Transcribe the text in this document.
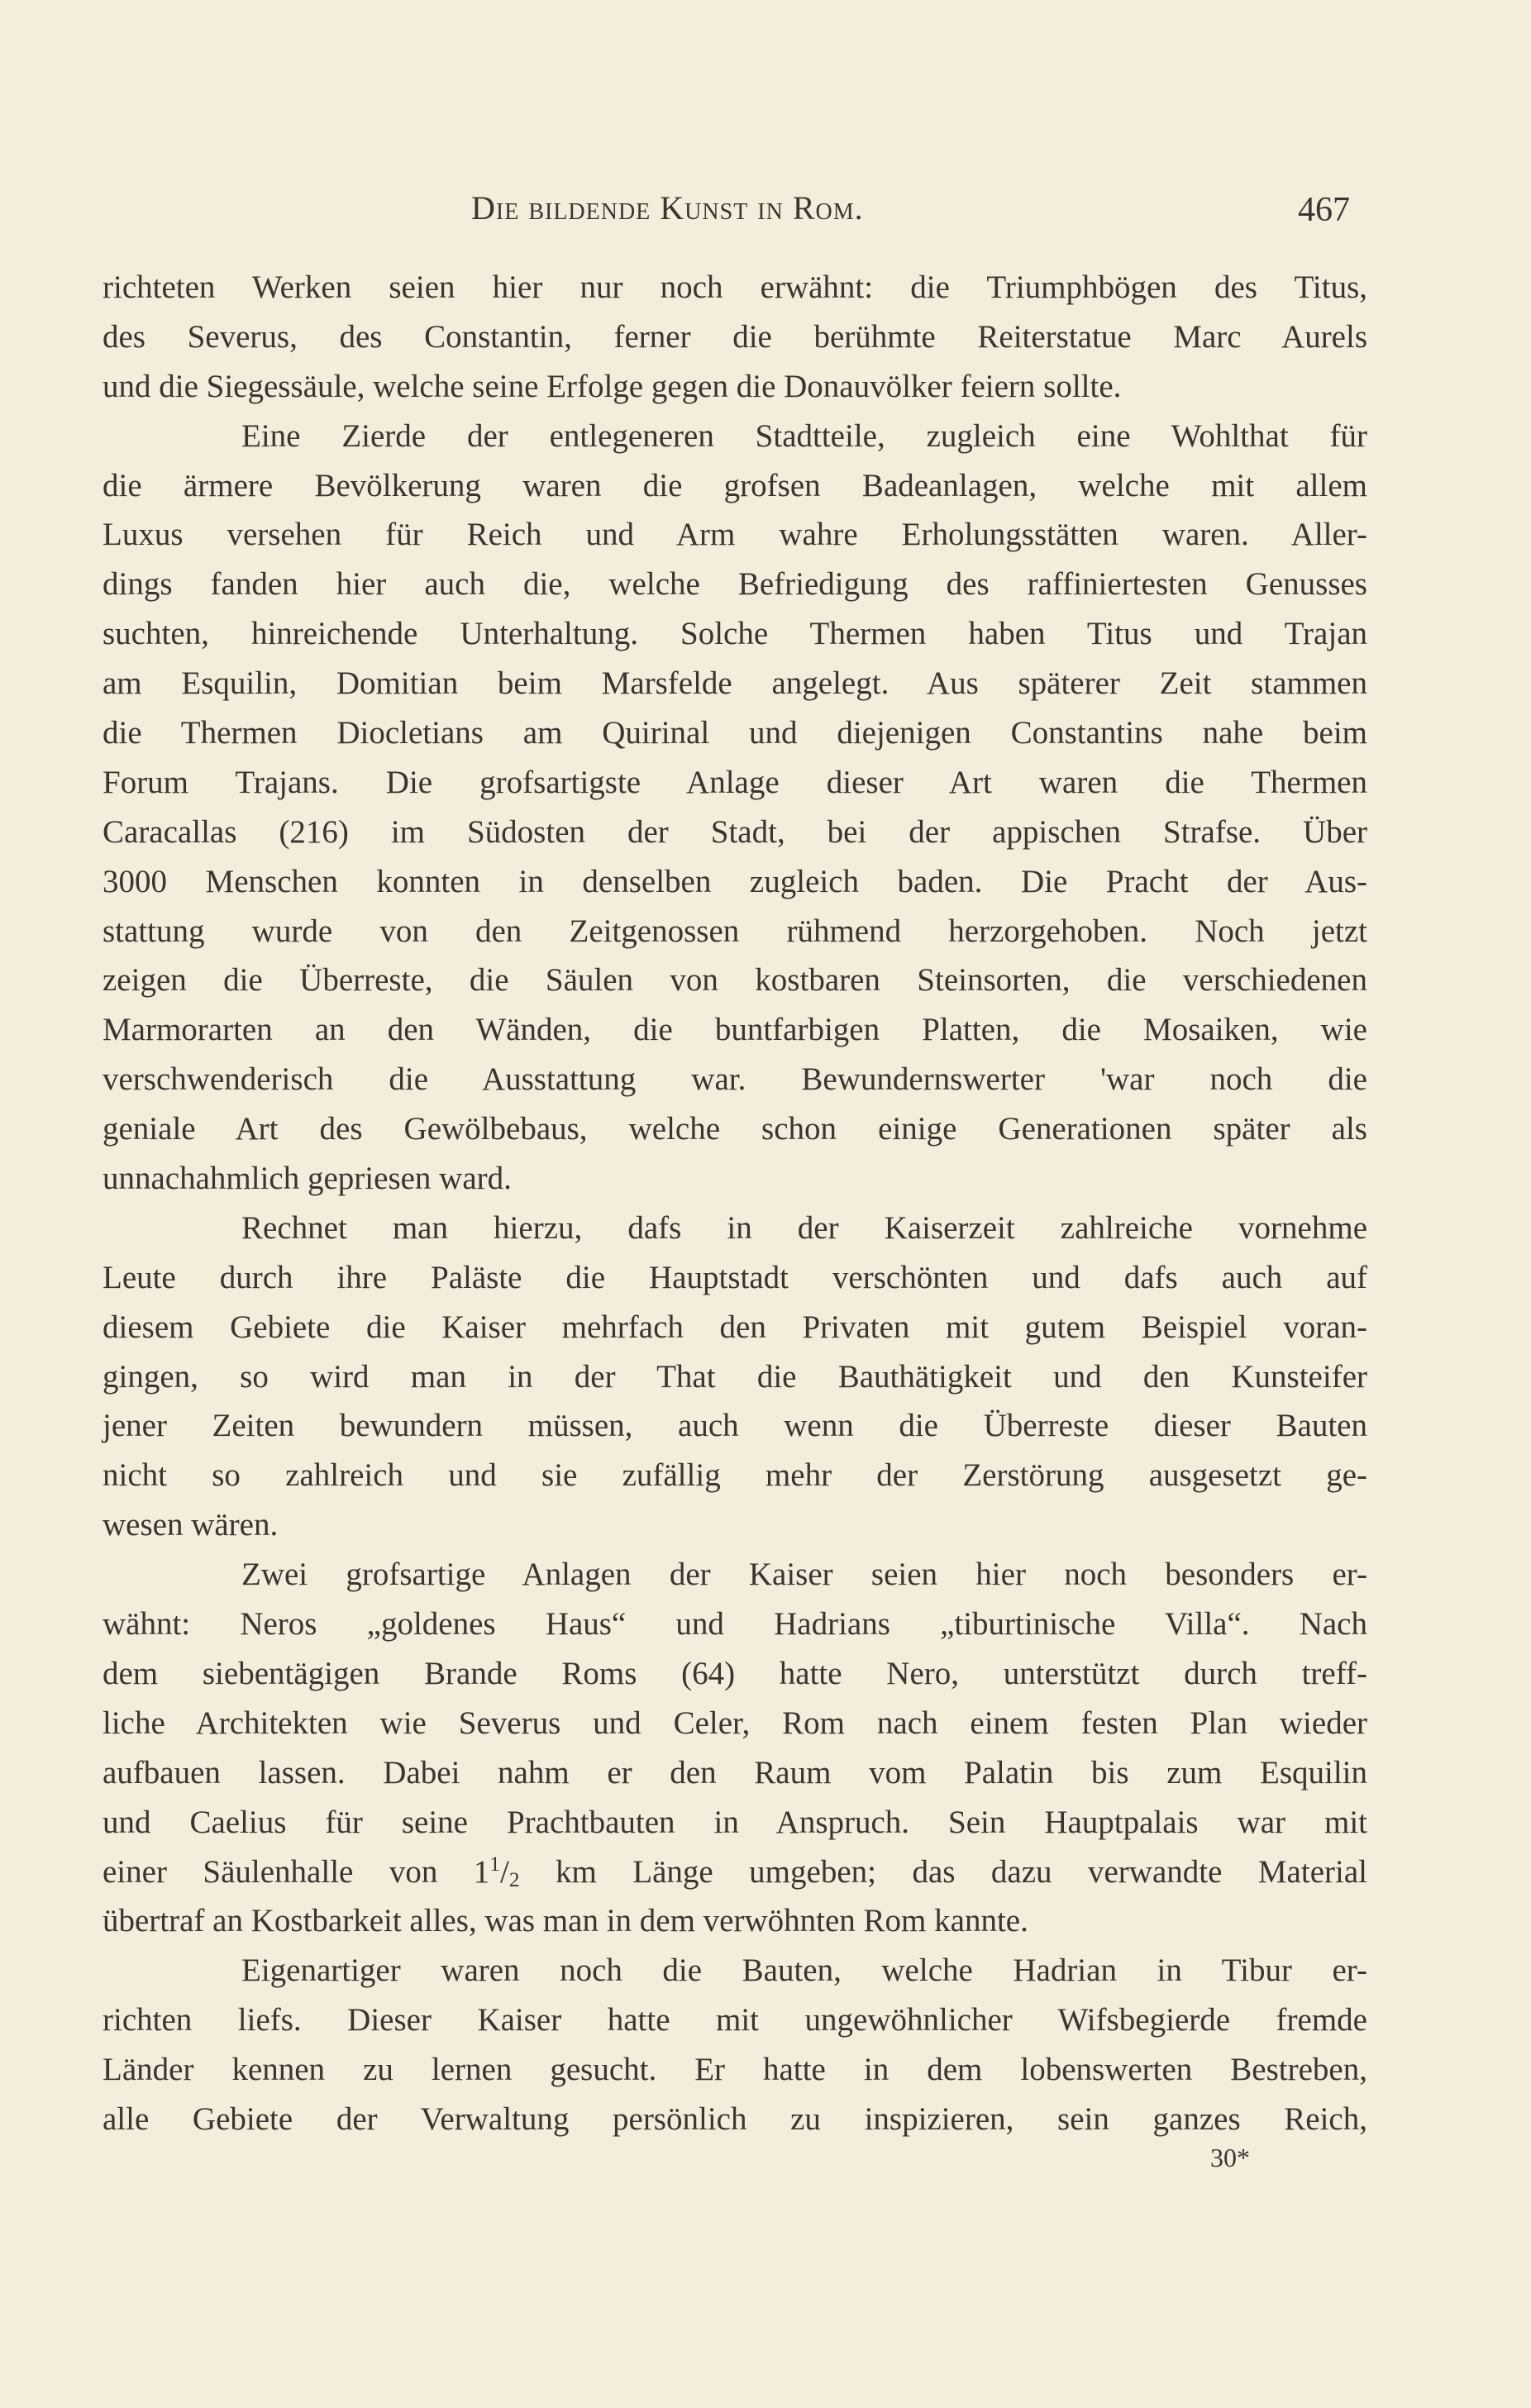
Die bildende Kunst in Rom.	467
richteten Werken seien hier nur noch erwähnt: die Triumphbögen des Titus,
des Severus, des Constantin, ferner die berühmte Reiterstatue Marc Aurels
und die Siegessäule, welche seine Erfolge gegen die Donauvölker feiern sollte.
Eine Zierde der entlegeneren Stadtteile, zugleich eine Wohlthat für
die ärmere Bevölkerung waren die grofsen Badeanlagen, welche mit allem
Luxus versehen für Reich und Arm wahre Erholungsstätten waren. Aller-
dings fanden hier auch die, welche Befriedigung des raffiniertesten Genusses
suchten, hinreichende Unterhaltung. Solche Thermen haben Titus und Trajan
am Esquilin, Domitian beim Marsfelde angelegt. Aus späterer Zeit stammen
die Thermen Diocletians am Quirinal und diejenigen Constantins nahe beim
Forum Trajans. Die grofsartigste Anlage dieser Art waren die Thermen
Caracallas (216) im Südosten der Stadt, bei der appischen Strafse. Über
3000 Menschen konnten in denselben zugleich baden. Die Pracht der Aus-
stattung wurde von den Zeitgenossen rühmend herzorgehoben. Noch jetzt
zeigen die Überreste, die Säulen von kostbaren Steinsorten, die verschiedenen
Marmorarten an den Wänden, die buntfarbigen Platten, die Mosaiken, wie
verschwenderisch die Ausstattung war. Bewundernswerter 'war noch die
geniale Art des Gewölbebaus, welche schon einige Generationen später als
unnachahmlich gepriesen ward.
Rechnet man hierzu, dafs in der Kaiserzeit zahlreiche vornehme
Leute durch ihre Paläste die Hauptstadt verschönten und dafs auch auf
diesem Gebiete die Kaiser mehrfach den Privaten mit gutem Beispiel voran-
gingen, so wird man in der That die Bauthätigkeit und den Kunsteifer
jener Zeiten bewundern müssen, auch wenn die Überreste dieser Bauten
nicht so zahlreich und sie zufällig mehr der Zerstörung ausgesetzt ge-
wesen wären.
Zwei grofsartige Anlagen der Kaiser seien hier noch besonders er-
wähnt: Neros „goldenes Haus“ und Hadrians „tiburtinische Villa“. Nach
dem siebentägigen Brande Roms (64) hatte Nero, unterstützt durch treff-
liche Architekten wie Severus und Celer, Rom nach einem festen Plan wieder
aufbauen lassen. Dabei nahm er den Raum vom Palatin bis zum Esquilin
und Caelius für seine Prachtbauten in Anspruch. Sein Hauptpalais war mit
einer Säulenhalle von $1^1/_2$ km Länge umgeben; das dazu verwandte Material
übertraf an Kostbarkeit alles, was man in dem verwöhnten Rom kannte.
Eigenartiger waren noch die Bauten, welche Hadrian in Tibur er-
richten liefs. Dieser Kaiser hatte mit ungewöhnlicher Wifsbegierde fremde
Länder kennen zu lernen gesucht. Er hatte in dem lobenswerten Bestreben,
alle Gebiete der Verwaltung persönlich zu inspizieren, sein ganzes Reich,
30*
